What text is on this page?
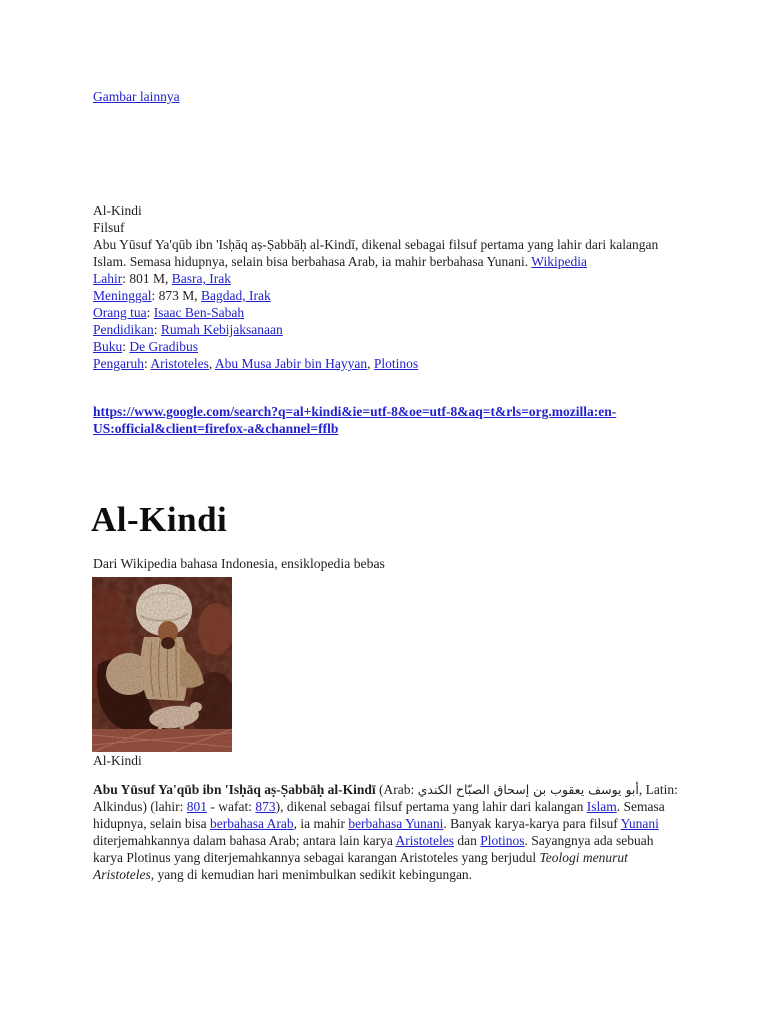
Gambar lainnya
Al-Kindi
Filsuf
Abu Yūsuf Ya'qūb ibn 'Isḥāq aṣ-Ṣabbāḥ al-Kindī, dikenal sebagai filsuf pertama yang lahir dari kalangan Islam. Semasa hidupnya, selain bisa berbahasa Arab, ia mahir berbahasa Yunani. Wikipedia
Lahir: 801 M, Basra, Irak
Meninggal: 873 M, Bagdad, Irak
Orang tua: Isaac Ben-Sabah
Pendidikan: Rumah Kebijaksanaan
Buku: De Gradibus
Pengaruh: Aristoteles, Abu Musa Jabir bin Hayyan, Plotinos
https://www.google.com/search?q=al+kindi&ie=utf-8&oe=utf-8&aq=t&rls=org.mozilla:en-US:official&client=firefox-a&channel=fflb
Al-Kindi
Dari Wikipedia bahasa Indonesia, ensiklopedia bebas
Al-Kindi
Abu Yūsuf Ya'qūb ibn 'Isḥāq aṣ-Ṣabbāḥ al-Kindī (Arab: أبو يوسف يعقوب بن إسحاق الصبّاح الكندي, Latin: Alkindus) (lahir: 801 - wafat: 873), dikenal sebagai filsuf pertama yang lahir dari kalangan Islam. Semasa hidupnya, selain bisa berbahasa Arab, ia mahir berbahasa Yunani. Banyak karya-karya para filsuf Yunani diterjemahkannya dalam bahasa Arab; antara lain karya Aristoteles dan Plotinos. Sayangnya ada sebuah karya Plotinus yang diterjemahkannya sebagai karangan Aristoteles yang berjudul Teologi menurut Aristoteles, yang di kemudian hari menimbulkan sedikit kebingungan.
